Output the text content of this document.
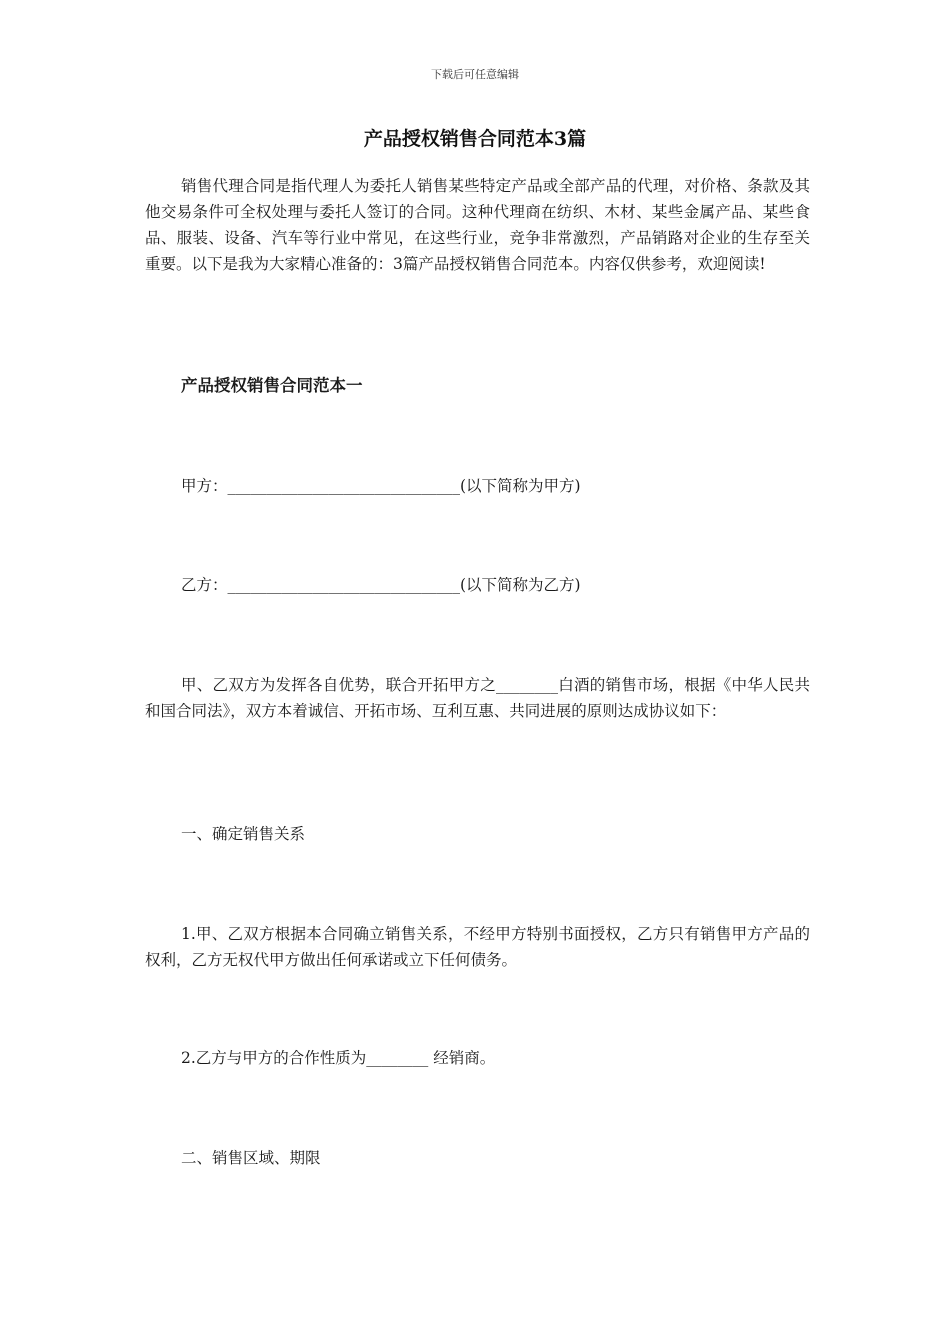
下载后可任意编辑
产品授权销售合同范本3篇
销售代理合同是指代理人为委托人销售某些特定产品或全部产品的代理，对价格、条款及其他交易条件可全权处理与委托人签订的合同。这种代理商在纺织、木材、某些金属产品、某些食品、服装、设备、汽车等行业中常见，在这些行业，竞争非常激烈，产品销路对企业的生存至关重要。以下是我为大家精心准备的：3篇产品授权销售合同范本。内容仅供参考，欢迎阅读!
产品授权销售合同范本一
甲方：______________________________(以下简称为甲方)
乙方：______________________________(以下简称为乙方)
甲、乙双方为发挥各自优势，联合开拓甲方之________白酒的销售市场，根据《中华人民共和国合同法》，双方本着诚信、开拓市场、互利互惠、共同进展的原则达成协议如下：
一、确定销售关系
1.甲、乙双方根据本合同确立销售关系，不经甲方特别书面授权，乙方只有销售甲方产品的权利，乙方无权代甲方做出任何承诺或立下任何债务。
2.乙方与甲方的合作性质为________ 经销商。
二、销售区域、期限
